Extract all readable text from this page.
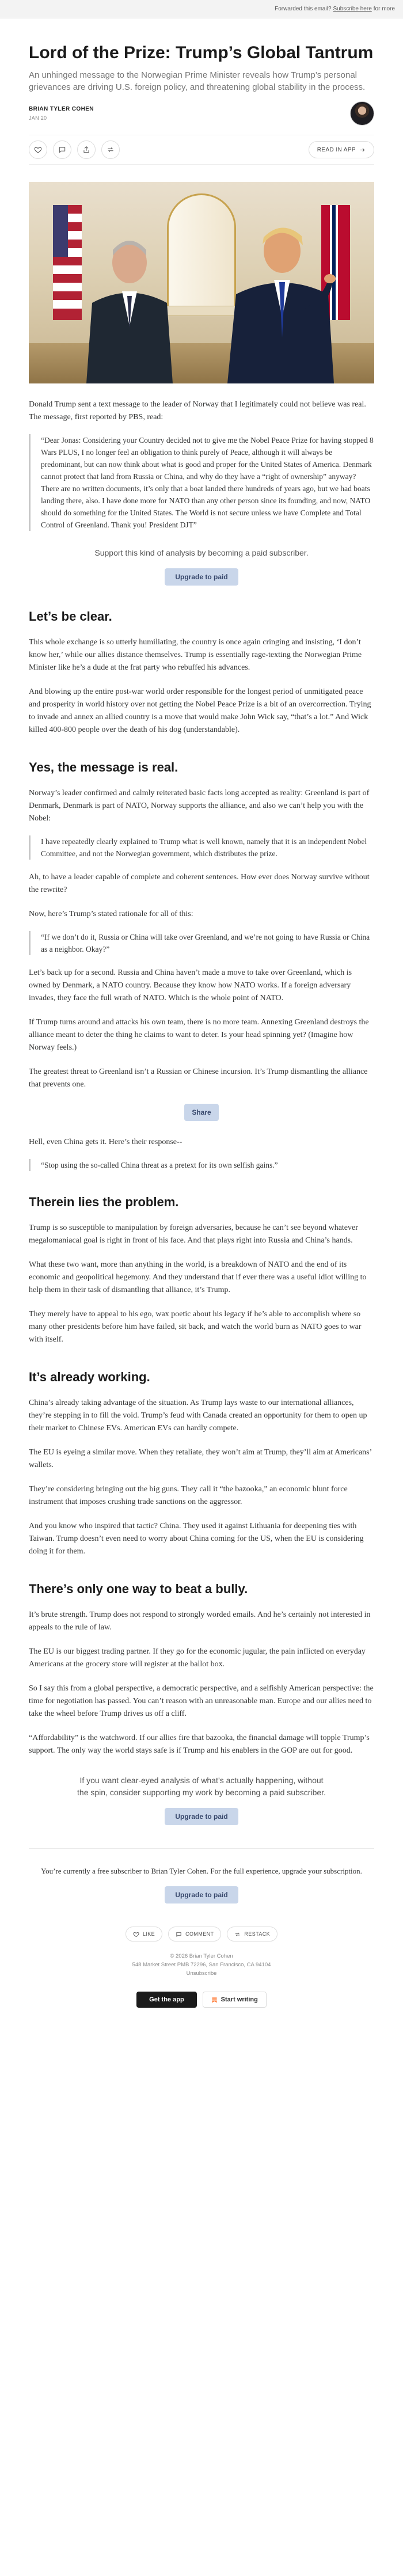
Forwarded this email? Subscribe here for more
Lord of the Prize: Trump’s Global Tantrum

An unhinged message to the Norwegian Prime Minister reveals how Trump’s personal grievances are driving U.S. foreign policy, and threatening global stability in the process.

BRIAN TYLER COHEN
JAN 20
READ IN APP

Donald Trump sent a text message to the leader of Norway that I legitimately could not believe was real. The message, first reported by PBS, read:

“Dear Jonas: Considering your Country decided not to give me the Nobel Peace Prize for having stopped 8 Wars PLUS, I no longer feel an obligation to think purely of Peace, although it will always be predominant, but can now think about what is good and proper for the United States of America. Denmark cannot protect that land from Russia or China, and why do they have a “right of ownership” anyway? There are no written documents, it’s only that a boat landed there hundreds of years ago, but we had boats landing there, also. I have done more for NATO than any other person since its founding, and now, NATO should do something for the United States. The World is not secure unless we have Complete and Total Control of Greenland. Thank you! President DJT”

Support this kind of analysis by becoming a paid subscriber.

Upgrade to paid
Let’s be clear.

This whole exchange is so utterly humiliating, the country is once again cringing and insisting, ‘I don’t know her,’ while our allies distance themselves. Trump is essentially rage-texting the Norwegian Prime Minister like he’s a dude at the frat party who rebuffed his advances.

And blowing up the entire post-war world order responsible for the longest period of unmitigated peace and prosperity in world history over not getting the Nobel Peace Prize is a bit of an overcorrection. Trying to invade and annex an allied country is a move that would make John Wick say, “that’s a lot.” And Wick killed 400-800 people over the death of his dog (understandable).

Yes, the message is real.

Norway’s leader confirmed and calmly reiterated basic facts long accepted as reality: Greenland is part of Denmark, Denmark is part of NATO, Norway supports the alliance, and also we can’t help you with the Nobel:

I have repeatedly clearly explained to Trump what is well known, namely that it is an independent Nobel Committee, and not the Norwegian government, which distributes the prize.

Ah, to have a leader capable of complete and coherent sentences. How ever does Norway survive without the rewrite?

Now, here’s Trump’s stated rationale for all of this:

“If we don’t do it, Russia or China will take over Greenland, and we’re not going to have Russia or China as a neighbor. Okay?”

Let’s back up for a second. Russia and China haven’t made a move to take over Greenland, which is owned by Denmark, a NATO country. Because they know how NATO works. If a foreign adversary invades, they face the full wrath of NATO. Which is the whole point of NATO.

If Trump turns around and attacks his own team, there is no more team. Annexing Greenland destroys the alliance meant to deter the thing he claims to want to deter. Is your head spinning yet? (Imagine how Norway feels.)

The greatest threat to Greenland isn’t a Russian or Chinese incursion. It’s Trump dismantling the alliance that prevents one.

Share

Hell, even China gets it. Here’s their response--

“Stop using the so-called China threat as a pretext for its own selfish gains.”
Therein lies the problem.

Trump is so susceptible to manipulation by foreign adversaries, because he can’t see beyond whatever megalomaniacal goal is right in front of his face. And that plays right into Russia and China’s hands.

What these two want, more than anything in the world, is a breakdown of NATO and the end of its economic and geopolitical hegemony. And they understand that if ever there was a useful idiot willing to help them in their task of dismantling that alliance, it’s Trump.

They merely have to appeal to his ego, wax poetic about his legacy if he’s able to accomplish where so many other presidents before him have failed, sit back, and watch the world burn as NATO goes to war with itself.

It’s already working.

China’s already taking advantage of the situation. As Trump lays waste to our international alliances, they’re stepping in to fill the void. Trump’s feud with Canada created an opportunity for them to open up their market to Chinese EVs. American EVs can hardly compete.

The EU is eyeing a similar move. When they retaliate, they won’t aim at Trump, they’ll aim at Americans’ wallets.

They’re considering bringing out the big guns. They call it “the bazooka,” an economic blunt force instrument that imposes crushing trade sanctions on the aggressor.

And you know who inspired that tactic? China. They used it against Lithuania for deepening ties with Taiwan. Trump doesn’t even need to worry about China coming for the US, when the EU is considering doing it for them.

There’s only one way to beat a bully.

It’s brute strength. Trump does not respond to strongly worded emails. And he’s certainly not interested in appeals to the rule of law.

The EU is our biggest trading partner. If they go for the economic jugular, the pain inflicted on everyday Americans at the grocery store will register at the ballot box.

So I say this from a global perspective, a democratic perspective, and a selfishly American perspective: the time for negotiation has passed. You can’t reason with an unreasonable man. Europe and our allies need to take the wheel before Trump drives us off a cliff.

“Affordability” is the watchword. If our allies fire that bazooka, the financial damage will topple Trump’s support. The only way the world stays safe is if Trump and his enablers in the GOP are out for good.

If you want clear-eyed analysis of what’s actually happening, without the spin, consider supporting my work by becoming a paid subscriber.

Upgrade to paid

You’re currently a free subscriber to Brian Tyler Cohen. For the full experience, upgrade your subscription.

Upgrade to paid
LIKE	COMMENT	RESTACK
© 2026 Brian Tyler Cohen
548 Market Street PMB 72296, San Francisco, CA 94104
Unsubscribe
Get the app	Start writing
